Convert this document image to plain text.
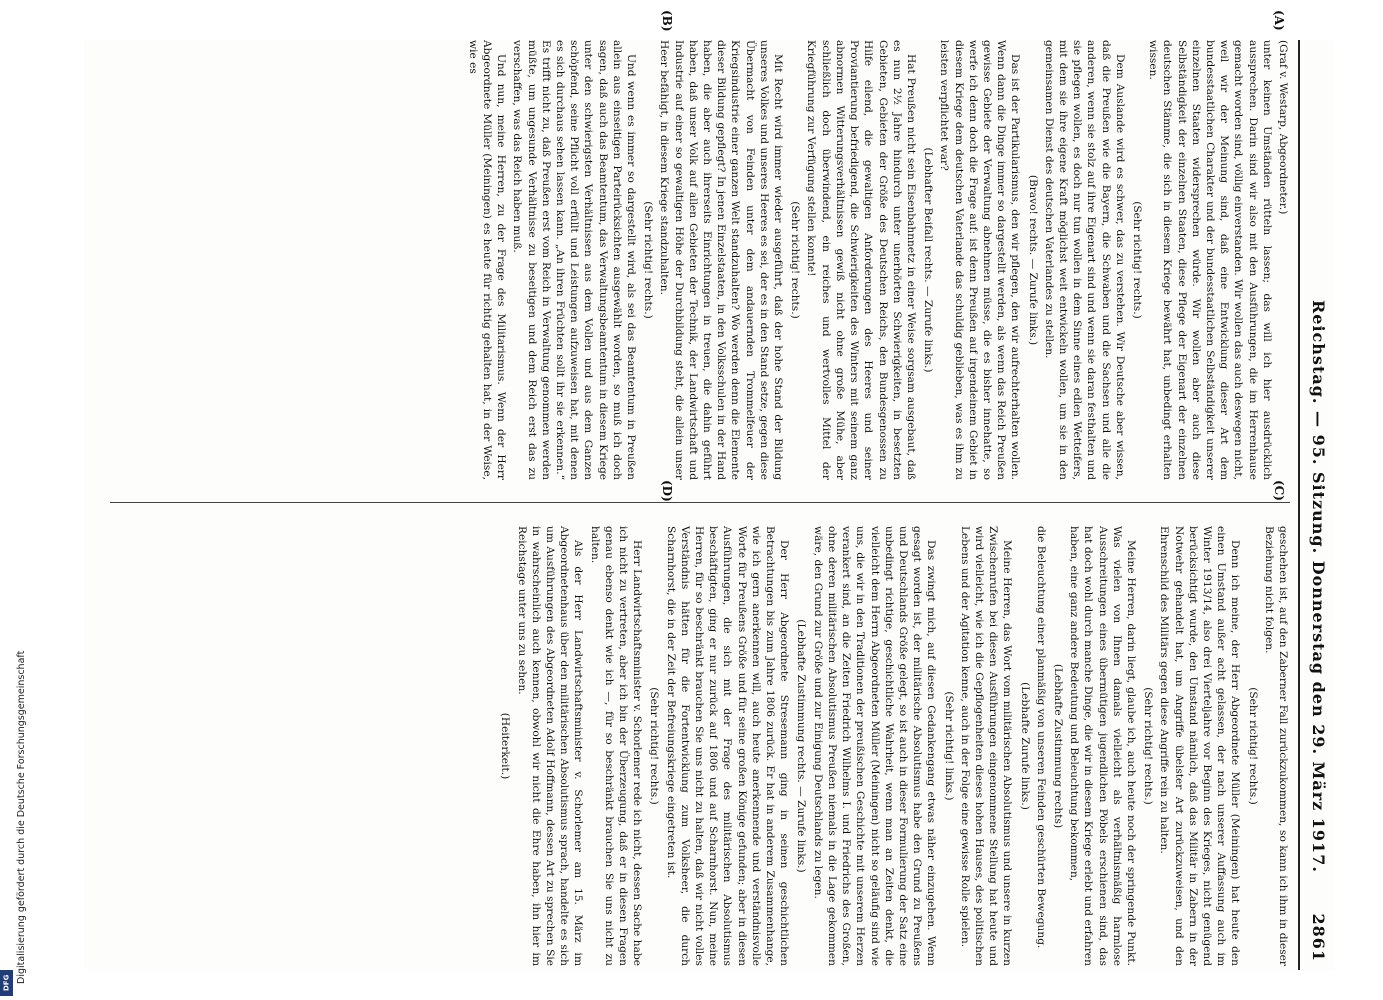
Reichstag. — 95. Sitzung. Donnerstag den 29. März 1917.
2861

(Graf v. Westarp, Abgeordneter.)

unter keinen Umständen rütteln lassen; das will ich hier ausdrücklich aussprechen. Darin sind wir also mit den Ausführungen, die im Herrenhause gemacht worden sind, völlig einverstanden. Wir wollen das auch deswegen nicht, weil wir der Meinung sind, daß eine Entwicklung dieser Art dem bundesstaatlichen Charakter und der bundesstaatlichen Selbständigkeit unserer einzelnen Staaten widersprechen würde. Wir wollen aber auch diese Selbständigkeit der einzelnen Staaten, diese Pflege der Eigenart der einzelnen deutschen Stämme, die sich in diesem Kriege bewährt hat, unbedingt erhalten wissen.

(Sehr richtig! rechts.)

Dem Auslande wird es schwer, das zu verstehen. Wir Deutsche aber wissen, daß die Preußen wie die Bayern, die Schwaben und die Sachsen und alle die anderen, wenn sie stolz auf ihre Eigenart sind und wenn sie daran festhalten und sie pflegen wollen, es doch nur tun wollen in dem Sinne eines edlen Wetteifers, mit dem sie ihre eigene Kraft möglichst weit entwickeln wollen, um sie in den gemeinsamen Dienst des deutschen Vaterlandes zu stellen.

(Bravo! rechts. — Zurufe links.)

Das ist der Partikularismus, den wir pflegen, den wir aufrechterhalten wollen. Wenn dann die Dinge immer so dargestellt werden, als wenn das Reich Preußen gewisse Gebiete der Verwaltung abnehmen müsse, die es bisher innehatte, so werfe ich denn doch die Frage auf: ist denn Preußen auf irgendeinem Gebiet in diesem Kriege dem deutschen Vaterlande das schuldig geblieben, was es ihm zu leisten verpflichtet war?

(Lebhafter Beifall rechts. — Zurufe links.)

Hat Preußen nicht sein Eisenbahnnetz in einer Weise sorgsam ausgebaut, daß es nun 2½ Jahre hindurch unter unerhörten Schwierigkeiten, in besetzten Gebieten, Gebieten der Größe des Deutschen Reichs, den Bundesgenossen zu Hilfe eilend, die gewaltigen Anforderungen des Heeres und seiner Proviantierung befriedigend, die Schwierigkeiten des Winters mit seinem ganz abnormen Witterungsverhältnissen gewiß nicht ohne große Mühe, aber schließlich doch überwindend, ein reiches und wertvolles Mittel der Kriegführung zur Verfügung stellen konnte!

(Sehr richtig! rechts.)

Mit Recht wird immer wieder ausgeführt, daß der hohe Stand der Bildung unseres Volkes und unseres Heeres es sei, der es in den Stand setze, gegen diese Übermacht von Feinden unter dem andauernden Trommelfeuer der Kriegsindustrie einer ganzen Welt standzuhalten? Wo werden denn die Elemente dieser Bildung gepflegt? In jenen Einzelstaaten, in den Volksschulen in der Hand haben, die aber auch ihrerseits Einrichtungen in treuen, die dahin geführt haben, daß unser Volk auf allen Gebieten der Technik, der Landwirtschaft und Industrie auf einer so gewaltigen Höhe der Durchbildung steht, die allein unser Heer befähigt, in diesem Kriege standzuhalten.

(Sehr richtig! rechts.)

Und wenn es immer so dargestellt wird, als sei das Beamtentum in Preußen allein aus einseitigen Parteirücksichten ausgewählt worden, so muß ich doch sagen, daß auch das Beamtentum, das Verwaltungsbeamtentum in diesem Kriege unter den schwierigsten Verhältnissen aus dem Vollen und aus dem Ganzen schöpfend, seine Pflicht voll erfüllt und Leistungen aufzuweisen hat, mit denen es sich durchaus sehen lassen kann. „An ihren Früchten sollt ihr sie erkennen.“ Es trifft nicht zu, daß Preußen erst vom Reich in Verwaltung genommen werden müßte, um ungesunde Verhältnisse zu beseitigen und dem Reich erst das zu verschaffen, was das Reich haben muß.

Und nun, meine Herren, zu der Frage des Militarismus. Wenn der Herr Abgeordnete Müller (Meiningen) es heute für richtig gehalten hat, in der Weise, wie es

geschehen ist, auf den Zaberner Fall zurückzukommen, so kann ich ihm in dieser Beziehung nicht folgen.

(Sehr richtig! rechts.)

Denn ich meine, der Herr Abgeordnete Müller (Meiningen) hat heute den einen Umstand außer acht gelassen, der nach unserer Auffassung auch im Winter 1913/14, also drei Vierteljahre vor Beginn des Krieges, nicht genügend berücksichtigt wurde, den Umstand nämlich, daß das Militär in Zabern in der Notwehr gehandelt hat, um Angriffe übelster Art zurückzuweisen, und den Ehrenschild des Militärs gegen diese Angriffe rein zu halten.

(Sehr richtig! rechts.)

Meine Herren, darin liegt, glaube ich, auch heute noch der springende Punkt. Was vielen von Ihnen damals vielleicht als verhältnismäßig harmlose Ausschreitungen eines übermütigen jugendlichen Pöbels erschienen sind, das hat doch wohl durch manche Dinge, die wir in diesem Kriege erlebt und erfahren haben, eine ganz andere Bedeutung und Beleuchtung bekommen,

(Lebhafte Zustimmung rechts)

die Beleuchtung einer planmäßig von unseren Feinden geschürten Bewegung.

(Lebhafte Zurufe links.)

Meine Herren, das Wort vom militärischen Absolutismus und unsere in kurzen Zwischenrufen bei diesen Ausführungen eingenommene Stellung hat heute und wird vielleicht, wie ich die Gepflogenheiten dieses hohen Hauses, des politischen Lebens und der Agitation kenne, auch in der Folge eine gewisse Rolle spielen.

(Sehr richtig! links.)

Das zwingt mich, auf diesen Gedankengang etwas näher einzugehen. Wenn gesagt worden ist, der militärische Absolutismus habe den Grund zu Preußens und Deutschlands Größe gelegt, so ist auch in dieser Formulierung der Satz eine unbedingt richtige, geschichtliche Wahrheit, wenn man an Zeiten denkt, die vielleicht dem Herrn Abgeordneten Müller (Meiningen) nicht so geläufig sind wie uns, die wir in den Traditionen der preußischen Geschichte mit unserem Herzen verankert sind, an die Zeiten Friedrich Wilhelms I. und Friedrichs des Großen, ohne deren militärischen Absolutismus Preußen niemals in die Lage gekommen wäre, den Grund zur Größe und zur Einigung Deutschlands zu legen.

(Lebhafte Zustimmung rechts. — Zurufe links.)

Der Herr Abgeordnete Stresemann ging in seinen geschichtlichen Betrachtungen bis zum Jahre 1806 zurück. Er hat in anderem Zusammenhange, wie ich gern anerkennen will, auch heute anerkennende und verständnisvolle Worte für Preußens Größe und für seine großen Könige gefunden; aber in diesen Ausführungen, die sich mit der Frage des militärischen Absolutismus beschäftigten, ging er nur zurück auf 1806 und auf Scharnhorst. Nun, meine Herren, für so beschränkt brauchen Sie uns nicht zu halten, daß wir nicht volles Verständnis hätten für die Fortentwicklung zum Volksheer, die durch Scharnhorst, die in der Zeit der Befreiungskriege eingetreten ist.

(Sehr richtig! rechts.)

Herr Landwirtschaftsminister v. Schorlemer rede ich nicht, dessen Sache habe ich nicht zu vertreten, aber ich bin der Überzeugung, daß er in diesen Fragen genau ebenso denkt wie ich —, für so beschränkt brauchen Sie uns nicht zu halten.

Als der Herr Landwirtschaftsminister v. Schorlemer am 15. März im Abgeordnetenhaus über den militärischen Absolutismus sprach, handelte es sich um Ausführungen des Abgeordneten Adolf Hoffmann, dessen Art zu sprechen Sie in wahrscheinlich auch kennen, obwohl wir nicht die Ehre haben, ihn hier im Reichstage unter uns zu sehen.

(Heiterkeit.)

(A)
(B)
(C)
(D)
DFG Digitalisierung gefördert durch die Deutsche Forschungsgemeinschaft
